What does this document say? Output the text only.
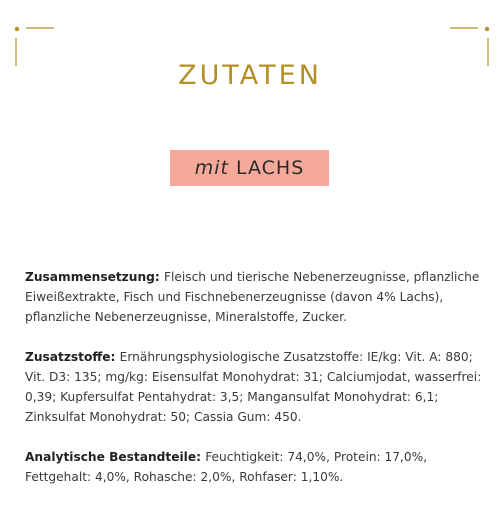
ZUTATEN
mit LACHS

Zusammensetzung: Fleisch und tierische Nebenerzeugnisse, pflanzliche Eiweißextrakte, Fisch und Fischnebenerzeugnisse (davon 4% Lachs), pflanzliche Nebenerzeugnisse, Mineralstoffe, Zucker.

Zusatzstoffe: Ernährungsphysiologische Zusatzstoffe: IE/kg: Vit. A: 880; Vit. D3: 135; mg/kg: Eisensulfat Monohydrat: 31; Calciumjodat, wasserfrei: 0,39; Kupfersulfat Pentahydrat: 3,5; Mangansulfat Monohydrat: 6,1; Zinksulfat Monohydrat: 50; Cassia Gum: 450.

Analytische Bestandteile: Feuchtigkeit: 74,0%, Protein: 17,0%, Fettgehalt: 4,0%, Rohasche: 2,0%, Rohfaser: 1,10%.
